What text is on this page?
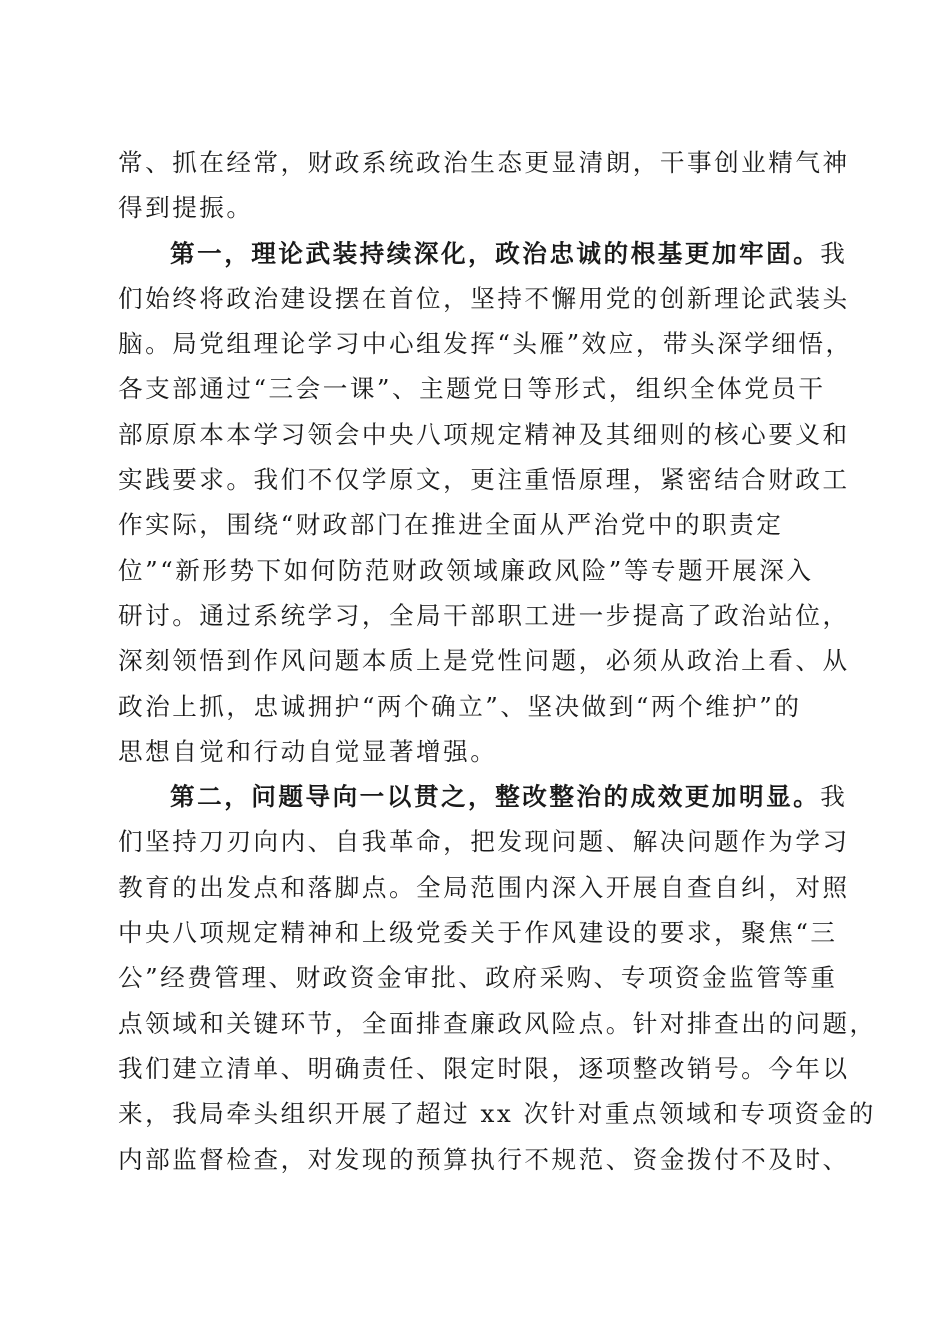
常、抓在经常，财政系统政治生态更显清朗，干事创业精气神
得到提振。
第一，理论武装持续深化，政治忠诚的根基更加牢固。我
们始终将政治建设摆在首位，坚持不懈用党的创新理论武装头
脑。局党组理论学习中心组发挥“头雁”效应，带头深学细悟，
各支部通过“三会一课”、主题党日等形式，组织全体党员干
部原原本本学习领会中央八项规定精神及其细则的核心要义和
实践要求。我们不仅学原文，更注重悟原理，紧密结合财政工
作实际，围绕“财政部门在推进全面从严治党中的职责定
位”“新形势下如何防范财政领域廉政风险”等专题开展深入
研讨。通过系统学习，全局干部职工进一步提高了政治站位，
深刻领悟到作风问题本质上是党性问题，必须从政治上看、从
政治上抓，忠诚拥护“两个确立”、坚决做到“两个维护”的
思想自觉和行动自觉显著增强。
第二，问题导向一以贯之，整改整治的成效更加明显。我
们坚持刀刃向内、自我革命，把发现问题、解决问题作为学习
教育的出发点和落脚点。全局范围内深入开展自查自纠，对照
中央八项规定精神和上级党委关于作风建设的要求，聚焦“三
公”经费管理、财政资金审批、政府采购、专项资金监管等重
点领域和关键环节，全面排查廉政风险点。针对排查出的问题，
我们建立清单、明确责任、限定时限，逐项整改销号。今年以
来，我局牵头组织开展了超过 xx 次针对重点领域和专项资金的
内部监督检查，对发现的预算执行不规范、资金拨付不及时、
